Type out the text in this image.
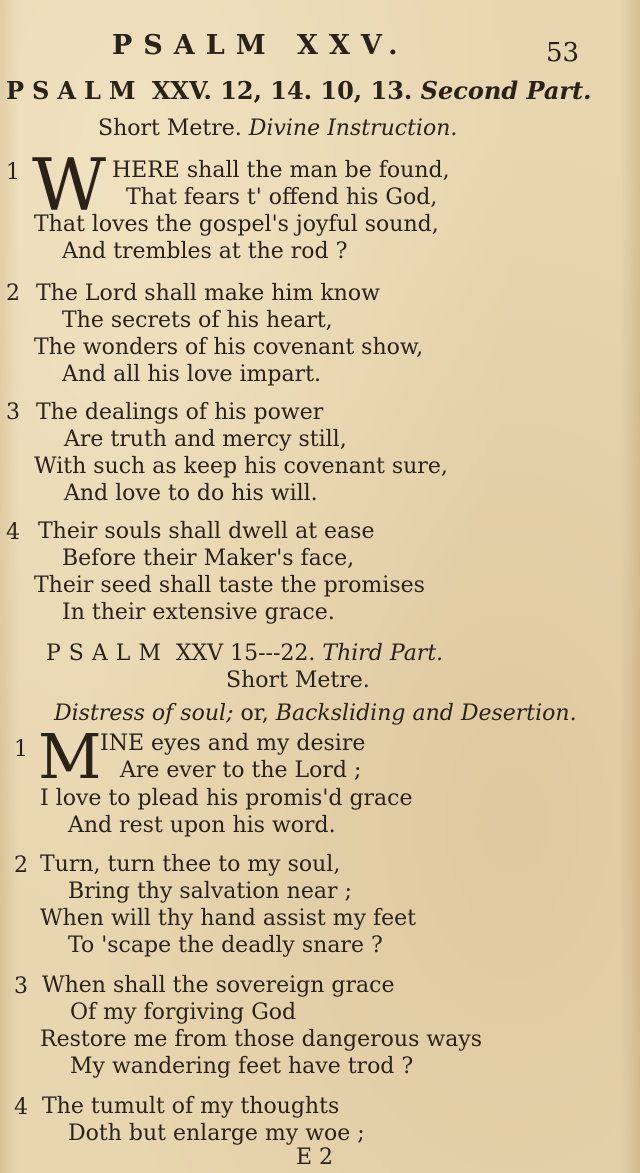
PSALM XXV.	53
PSALM XXV. 12, 14. 10, 13. Second Part.
Short Metre. Divine Instruction.
1 W HERE shall the man be found,
That fears t' offend his God,
That loves the gospel's joyful sound,
And trembles at the rod ?
2 The Lord shall make him know
The secrets of his heart,
The wonders of his covenant show,
And all his love impart.
3 The dealings of his power
Are truth and mercy still,
With such as keep his covenant sure,
And love to do his will.
4 Their souls shall dwell at ease
Before their Maker's face,
Their seed shall taste the promises
In their extensive grace.
PSALM XXV 15---22. Third Part.
Short Metre.
Distress of soul; or, Backsliding and Desertion.
1 M
INE eyes and my desire
Are ever to the Lord ;
I love to plead his promis'd grace
And rest upon his word.
2 Turn, turn thee to my soul,
Bring thy salvation near ;
When will thy hand assist my feet
To 'scape the deadly snare ?
3 When shall the sovereign grace
Of my forgiving God
Restore me from those dangerous ways
My wandering feet have trod ?
4 The tumult of my thoughts
Doth but enlarge my woe ;
E 2
